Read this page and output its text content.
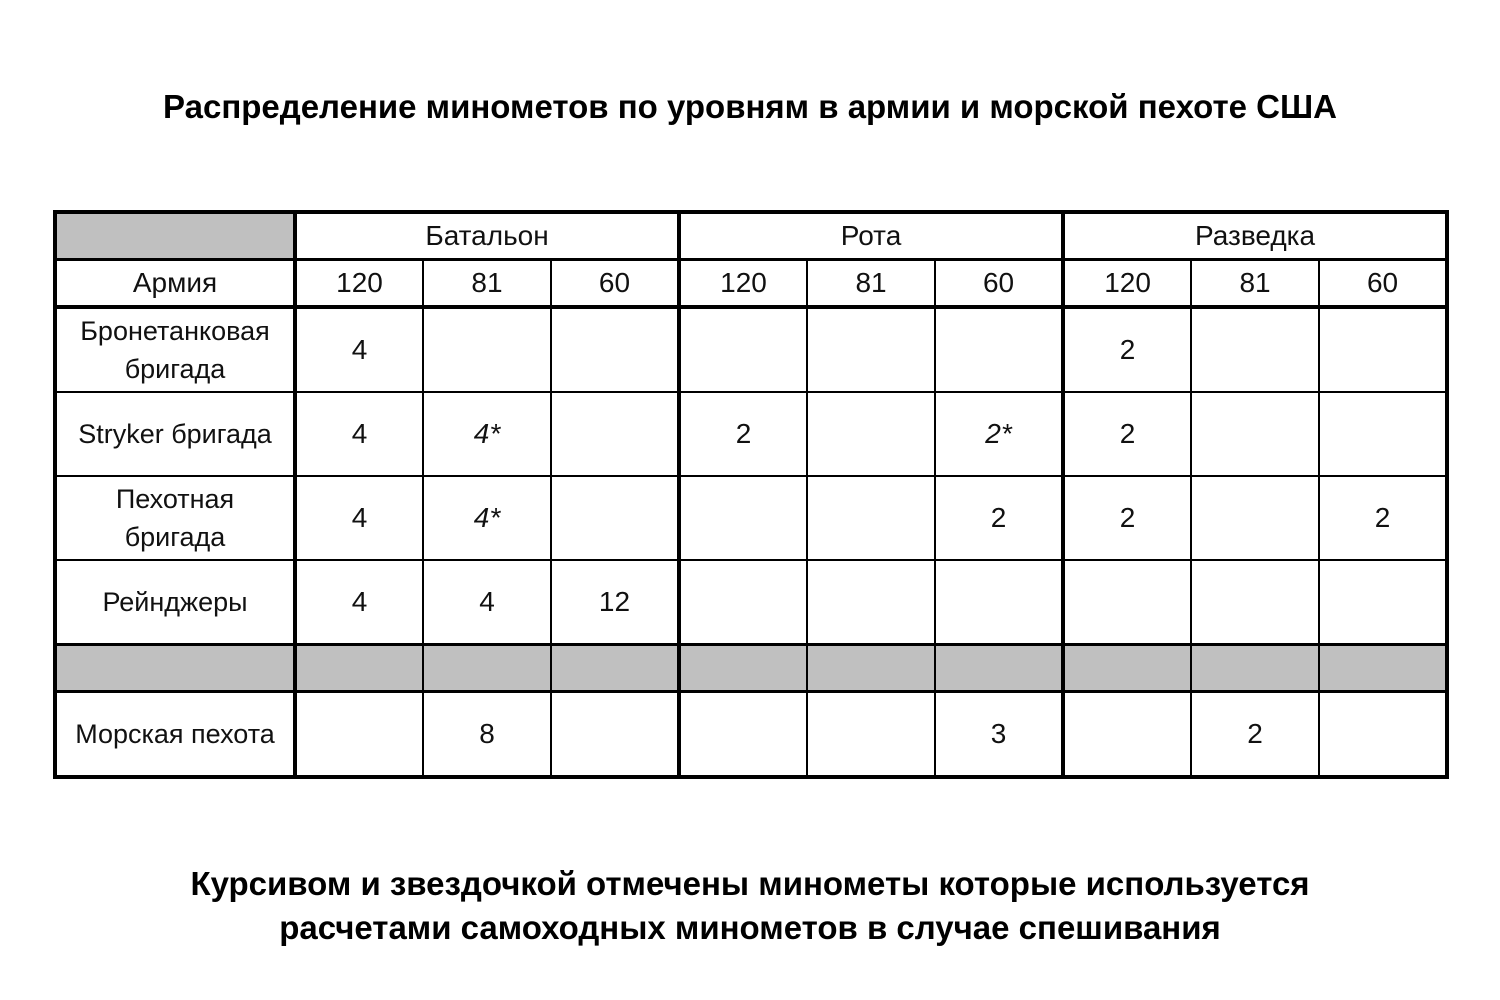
Распределение минометов по уровням в армии и морской пехоте США
	Батальон			Рота			Разведка		
Армия	120	81	60	120	81	60	120	81	60
Бронетанковая
бригада	4						2		
Stryker бригада	4	4*		2		2*	2		
Пехотная
бригада	4	4*				2	2		2
Рейнджеры	4	4	12						

Морская пехота		8				3		2	
Курсивом и звездочкой отмечены минометы которые используется
расчетами самоходных минометов в случае спешивания
